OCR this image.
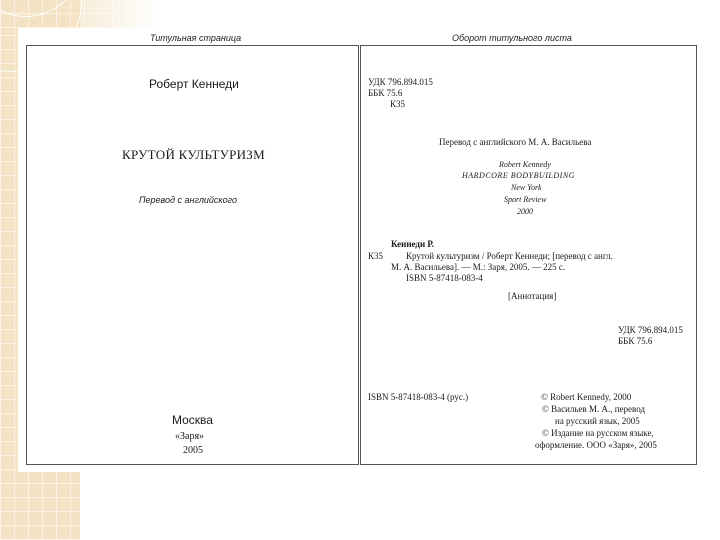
Титульная страница	Оборот титульного листа
Роберт Кеннеди
КРУТОЙ КУЛЬТУРИЗМ
Перевод с английского
Москва
«Заря»
2005
УДК 796.894.015
ББК 75.6
К35
Перевод с английского М. А. Васильева
Robert Kennedy
HARDCORE BODYBUILDING
New York
Sport Review
2000
Кеннеди Р.
К35	Крутой культуризм / Роберт Кеннеди; [перевод с англ.
М. А. Васильева]. — М.: Заря, 2005. — 225 с.
ISBN 5-87418-083-4
[Аннотация]
УДК 796.894.015
ББК 75.6
ISBN 5-87418-083-4 (рус.)	© Robert Kennedy, 2000
© Васильев М. А., перевод
на русский язык, 2005
© Издание на русском языке,
оформление. ООО «Заря», 2005
